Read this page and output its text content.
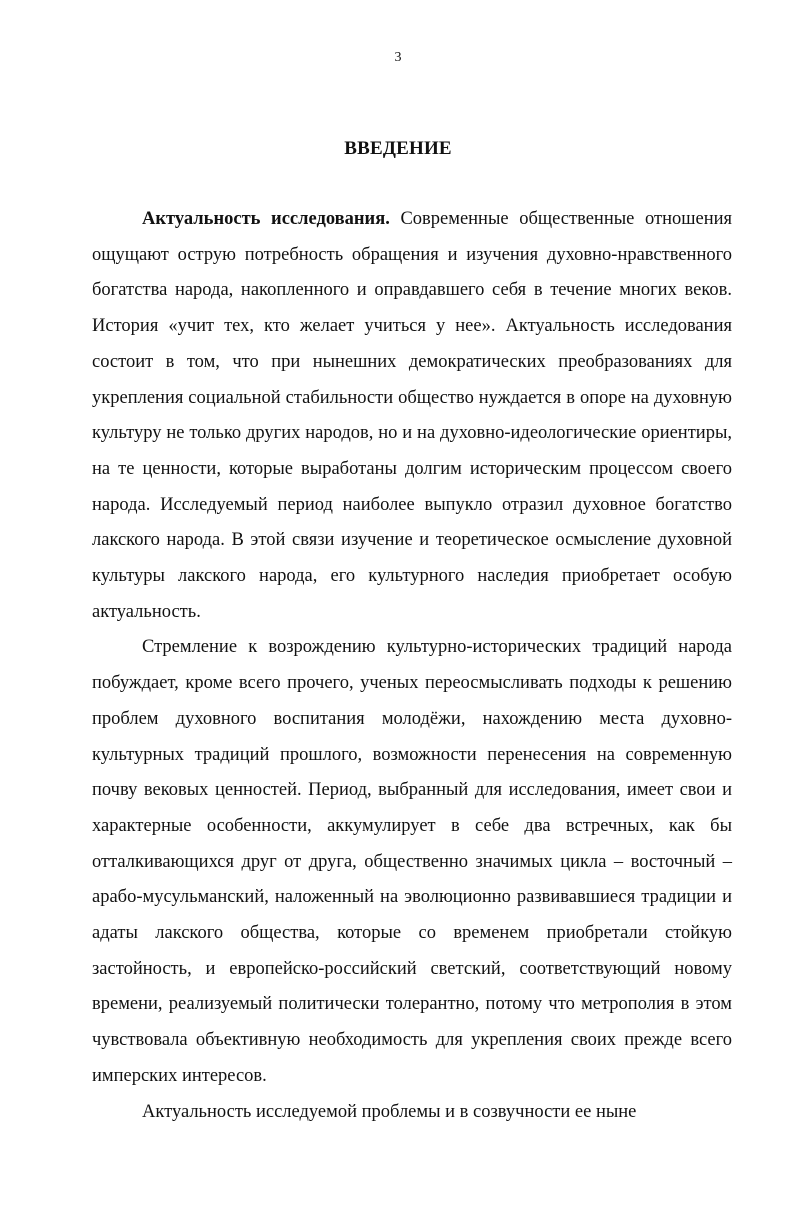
3
ВВЕДЕНИЕ

Актуальность исследования. Современные общественные отношения ощущают острую потребность обращения и изучения духовно-нравственного богатства народа, накопленного и оправдавшего себя в течение многих веков. История «учит тех, кто желает учиться у нее». Актуальность исследования состоит в том, что при нынешних демократических преобразованиях для укрепления социальной стабильности общество нуждается в опоре на духовную культуру не только других народов, но и на духовно-идеологические ориентиры, на те ценности, которые выработаны долгим историческим процессом своего народа. Исследуемый период наиболее выпукло отразил духовное богатство лакского народа. В этой связи изучение и теоретическое осмысление духовной культуры лакского народа, его культурного наследия приобретает особую актуальность.

Стремление к возрождению культурно-исторических традиций народа побуждает, кроме всего прочего, ученых переосмысливать подходы к решению проблем духовного воспитания молодёжи, нахождению места духовно-культурных традиций прошлого, возможности перенесения на современную почву вековых ценностей. Период, выбранный для исследования, имеет свои и характерные особенности, аккумулирует в себе два встречных, как бы отталкивающихся друг от друга, общественно значимых цикла – восточный – арабо-мусульманский, наложенный на эволюционно развивавшиеся традиции и адаты лакского общества, которые со временем приобретали стойкую застойность, и европейско-российский светский, соответствующий новому времени, реализуемый политически толерантно, потому что метрополия в этом чувствовала объективную необходимость для укрепления своих прежде всего имперских интересов.

Актуальность исследуемой проблемы и в созвучности ее ныне
